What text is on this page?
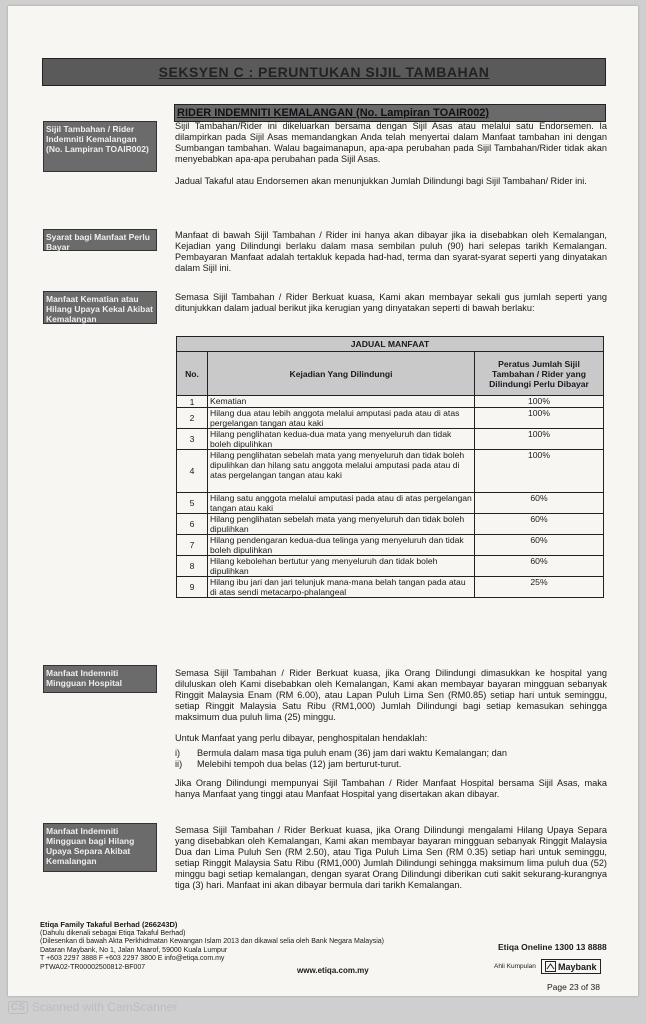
SEKSYEN C : PERUNTUKAN SIJIL TAMBAHAN
RIDER INDEMNITI KEMALANGAN (No. Lampiran TOAIR002)
Sijil Tambahan / Rider Indemniti Kemalangan (No. Lampiran TOAIR002)

Sijil Tambahan/Rider ini dikeluarkan bersama dengan Sijil Asas atau melalui satu Endorsemen. Ia dilampirkan pada Sijil Asas memandangkan Anda telah menyertai dalam Manfaat tambahan ini dengan Sumbangan tambahan. Walau bagaimanapun, apa-apa perubahan pada Sijil Tambahan/Rider tidak akan menyebabkan apa-apa perubahan pada Sijil Asas.

Jadual Takaful atau Endorsemen akan menunjukkan Jumlah Dilindungi bagi Sijil Tambahan/ Rider ini.

Syarat bagi Manfaat Perlu Bayar

Manfaat di bawah Sijil Tambahan / Rider ini hanya akan dibayar jika ia disebabkan oleh Kemalangan, Kejadian yang Dilindungi berlaku dalam masa sembilan puluh (90) hari selepas tarikh Kemalangan. Pembayaran Manfaat adalah tertakluk kepada had-had, terma dan syarat-syarat seperti yang dinyatakan dalam Sijil ini.

Manfaat Kematian atau Hilang Upaya Kekal Akibat Kemalangan

Semasa Sijil Tambahan / Rider Berkuat kuasa, Kami akan membayar sekali gus jumlah seperti yang ditunjukkan dalam jadual berikut jika kerugian yang dinyatakan seperti di bawah berlaku:

JADUAL MANFAAT		
No.	Kejadian Yang Dilindungi	Peratus Jumlah Sijil Tambahan / Rider yang Dilindungi Perlu Dibayar
1	Kematian	100%
2	Hilang dua atau lebih anggota melalui amputasi pada atau di atas pergelangan tangan atau kaki	100%
3	Hilang penglihatan kedua-dua mata yang menyeluruh dan tidak boleh dipulihkan	100%
4	Hilang penglihatan sebelah mata yang menyeluruh dan tidak boleh dipulihkan dan hilang satu anggota melalui amputasi pada atau di atas pergelangan tangan atau kaki	100%
5	Hilang satu anggota melalui amputasi pada atau di atas pergelangan tangan atau kaki	60%
6	Hilang penglihatan sebelah mata yang menyeluruh dan tidak boleh dipulihkan	60%
7	Hilang pendengaran kedua-dua telinga yang menyeluruh dan tidak boleh dipulihkan	60%
8	Hilang kebolehan bertutur yang menyeluruh dan tidak boleh dipulihkan	60%
9	Hilang ibu jari dan jari telunjuk mana-mana belah tangan pada atau di atas sendi metacarpo-phalangeal	25%
Manfaat Indemniti Mingguan Hospital

Semasa Sijil Tambahan / Rider Berkuat kuasa, jika Orang Dilindungi dimasukkan ke hospital yang diluluskan oleh Kami disebabkan oleh Kemalangan, Kami akan membayar bayaran mingguan sebanyak Ringgit Malaysia Enam (RM 6.00), atau Lapan Puluh Lima Sen (RM0.85) setiap hari untuk seminggu, setiap Ringgit Malaysia Satu Ribu (RM1,000) Jumlah Dilindungi bagi setiap kemasukan sehingga maksimum dua puluh lima (25) minggu.

Untuk Manfaat yang perlu dibayar, penghospitalan hendaklah:

i)	Bermula dalam masa tiga puluh enam (36) jam dari waktu Kemalangan; dan
ii)	Melebihi tempoh dua belas (12) jam berturut-turut.

Jika Orang Dilindungi mempunyai Sijil Tambahan / Rider Manfaat Hospital bersama Sijil Asas, maka hanya Manfaat yang tinggi atau Manfaat Hospital yang disertakan akan dibayar.

Manfaat Indemniti Mingguan bagi Hilang Upaya Separa Akibat Kemalangan

Semasa Sijil Tambahan / Rider Berkuat kuasa, jika Orang Dilindungi mengalami Hilang Upaya Separa yang disebabkan oleh Kemalangan, Kami akan membayar bayaran mingguan sebanyak Ringgit Malaysia Dua dan Lima Puluh Sen (RM 2.50), atau Tiga Puluh Lima Sen (RM 0.35) setiap hari untuk seminggu, setiap Ringgit Malaysia Satu Ribu (RM1,000) Jumlah Dilindungi sehingga maksimum lima puluh dua (52) minggu bagi setiap kemalangan, dengan syarat Orang Dilindungi diberikan cuti sakit sekurang-kurangnya tiga (3) hari. Manfaat ini akan dibayar bermula dari tarikh Kemalangan.

Etiqa Family Takaful Berhad (266243D)
(Dahulu dikenali sebagai Etiqa Takaful Berhad)
(Dilesenkan di bawah Akta Perkhidmatan Kewangan Islam 2013 dan dikawal selia oleh Bank Negara Malaysia)
Dataran Maybank, No 1, Jalan Maarof, 59000 Kuala Lumpur
T +603 2297 3888 F +603 2297 3800 E info@etiqa.com.my
PTWA02-TR00002500812-BF007	www.etiqa.com.my
Etiqa Oneline 1300 13 8888
Ahli Kumpulan Maybank
Page 23 of 38
CS Scanned with CamScanner
